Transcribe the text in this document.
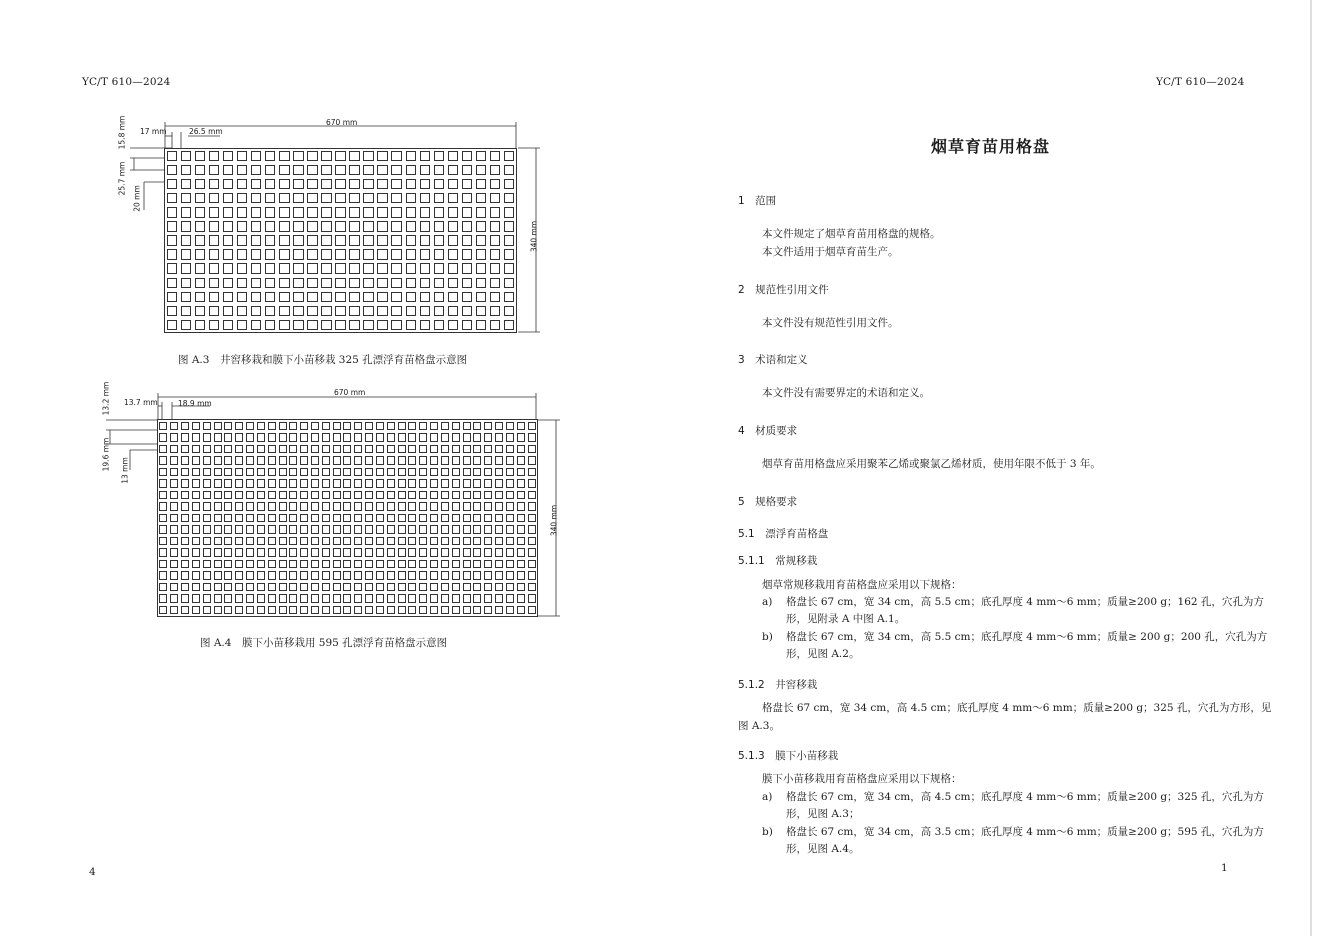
YC/T 610—2024
17 mm	26.5 mm
670 mm
15.8 mm
25.7 mm
20 mm
340 mm
图 A.3　井窖移栽和膜下小苗移栽 325 孔漂浮育苗格盘示意图
13.7 mm	18.9 mm
670 mm
13.2 mm
19.6 mm 13 mm
340 mm
图 A.4　膜下小苗移栽用 595 孔漂浮育苗格盘示意图
4
YC/T 610—2024
烟草育苗用格盘
1　范围
本文件规定了烟草育苗用格盘的规格。
本文件适用于烟草育苗生产。
2　规范性引用文件
本文件没有规范性引用文件。
3　术语和定义
本文件没有需要界定的术语和定义。
4　材质要求
烟草育苗用格盘应采用聚苯乙烯或聚氯乙烯材质，使用年限不低于 3 年。
5　规格要求
5.1　漂浮育苗格盘
5.1.1　常规移栽
烟草常规移栽用育苗格盘应采用以下规格：
a) 格盘长 67 cm，宽 34 cm，高 5.5 cm；底孔厚度 4 mm～6 mm；质量≥200 g；162 孔，穴孔为方
形，见附录 A 中图 A.1。
b) 格盘长 67 cm，宽 34 cm，高 5.5 cm；底孔厚度 4 mm～6 mm；质量≥ 200 g；200 孔，穴孔为方
形，见图 A.2。
5.1.2　井窖移栽
格盘长 67 cm，宽 34 cm，高 4.5 cm；底孔厚度 4 mm～6 mm；质量≥200 g；325 孔，穴孔为方形，见
图 A.3。
5.1.3　膜下小苗移栽
膜下小苗移栽用育苗格盘应采用以下规格：
a) 格盘长 67 cm，宽 34 cm，高 4.5 cm；底孔厚度 4 mm～6 mm；质量≥200 g；325 孔，穴孔为方
形，见图 A.3；
b) 格盘长 67 cm，宽 34 cm，高 3.5 cm；底孔厚度 4 mm～6 mm；质量≥200 g；595 孔，穴孔为方
形，见图 A.4。
1
